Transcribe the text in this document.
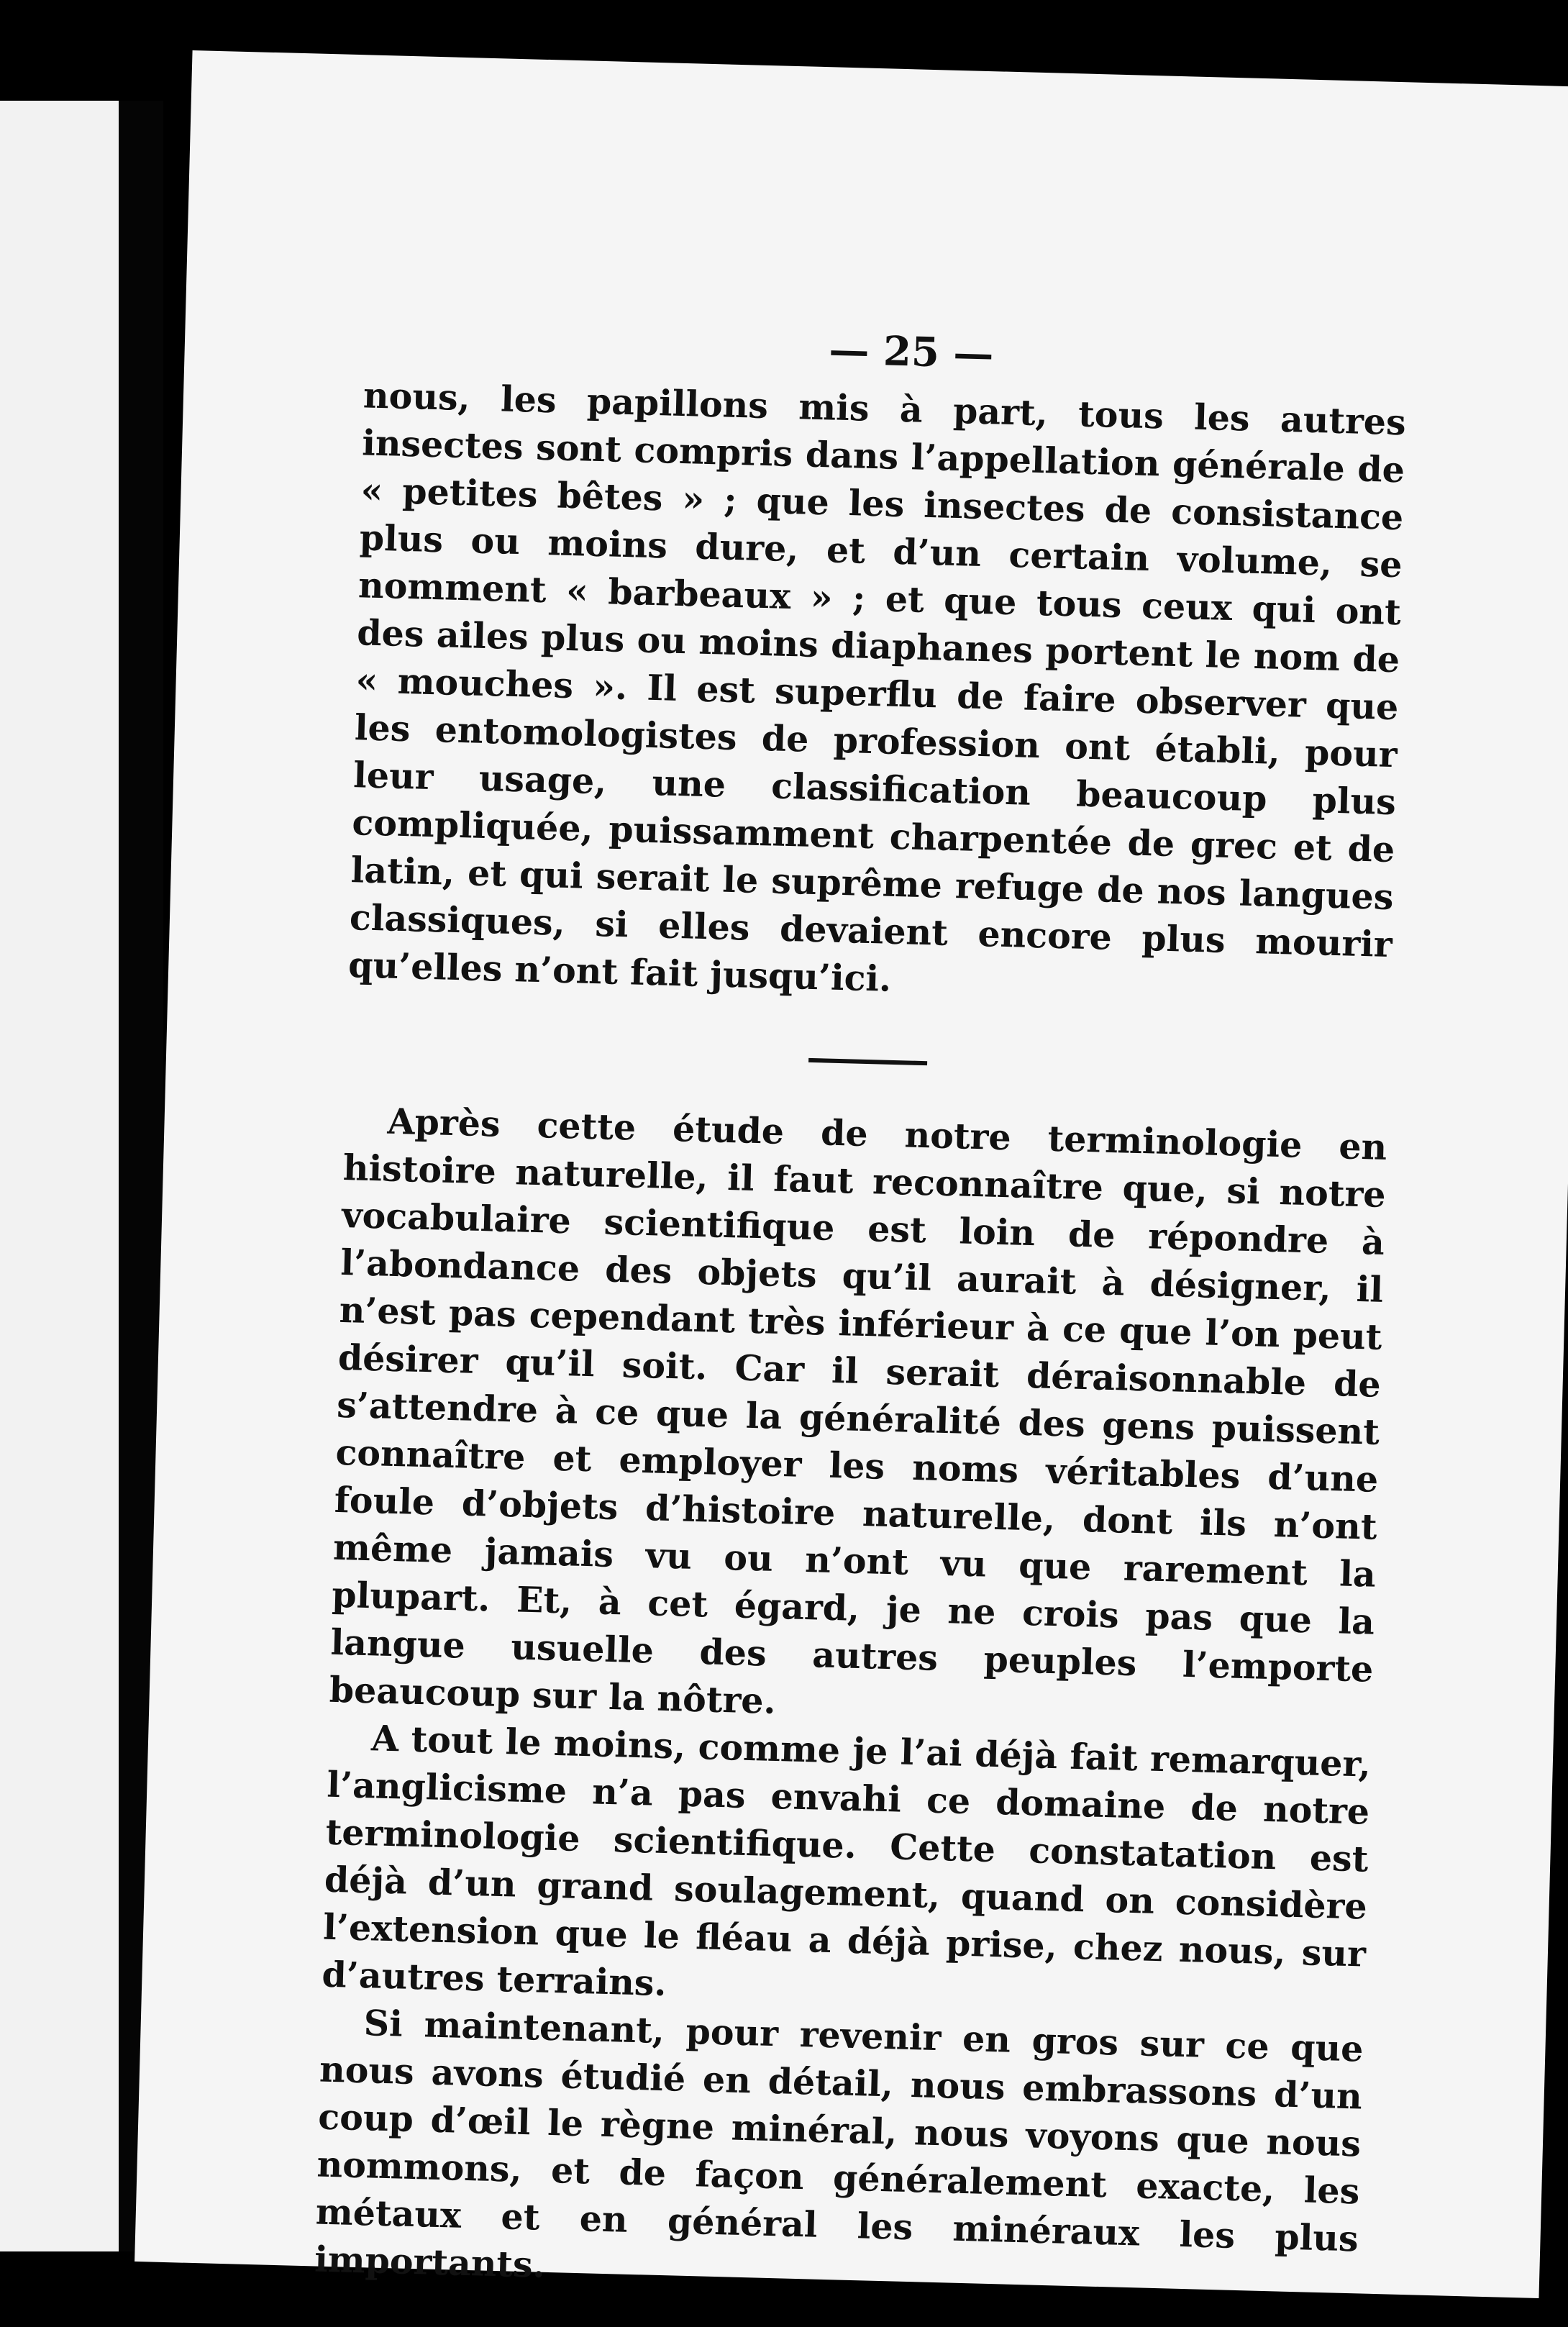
— 25 —

nous, les papillons mis à part, tous les autres insectes sont compris dans l’appellation générale de « petites bêtes » ; que les insectes de consistance plus ou moins dure, et d’un certain volume, se nomment « barbeaux » ; et que tous ceux qui ont des ailes plus ou moins diaphanes portent le nom de « mouches ». Il est superflu de faire observer que les entomologistes de profession ont établi, pour leur usage, une classification beaucoup plus compliquée, puissamment charpentée de grec et de latin, et qui serait le suprême refuge de nos langues classiques, si elles devaient encore plus mourir qu’elles n’ont fait jusqu’ici.

Après cette étude de notre terminologie en histoire naturelle, il faut reconnaître que, si notre vocabulaire scientifique est loin de répondre à l’abondance des objets qu’il aurait à désigner, il n’est pas cependant très inférieur à ce que l’on peut désirer qu’il soit. Car il serait déraisonnable de s’attendre à ce que la généralité des gens puissent connaître et employer les noms véritables d’une foule d’objets d’histoire naturelle, dont ils n’ont même jamais vu ou n’ont vu que rarement la plupart. Et, à cet égard, je ne crois pas que la langue usuelle des autres peuples l’emporte beaucoup sur la nôtre.

A tout le moins, comme je l’ai déjà fait remarquer, l’anglicisme n’a pas envahi ce domaine de notre terminologie scientifique. Cette constatation est déjà d’un grand soulagement, quand on considère l’extension que le fléau a déjà prise, chez nous, sur d’autres terrains.

Si maintenant, pour revenir en gros sur ce que nous avons étudié en détail, nous embrassons d’un coup d’œil le règne minéral, nous voyons que nous nommons, et de façon généralement exacte, les métaux et en général les minéraux les plus importants.
